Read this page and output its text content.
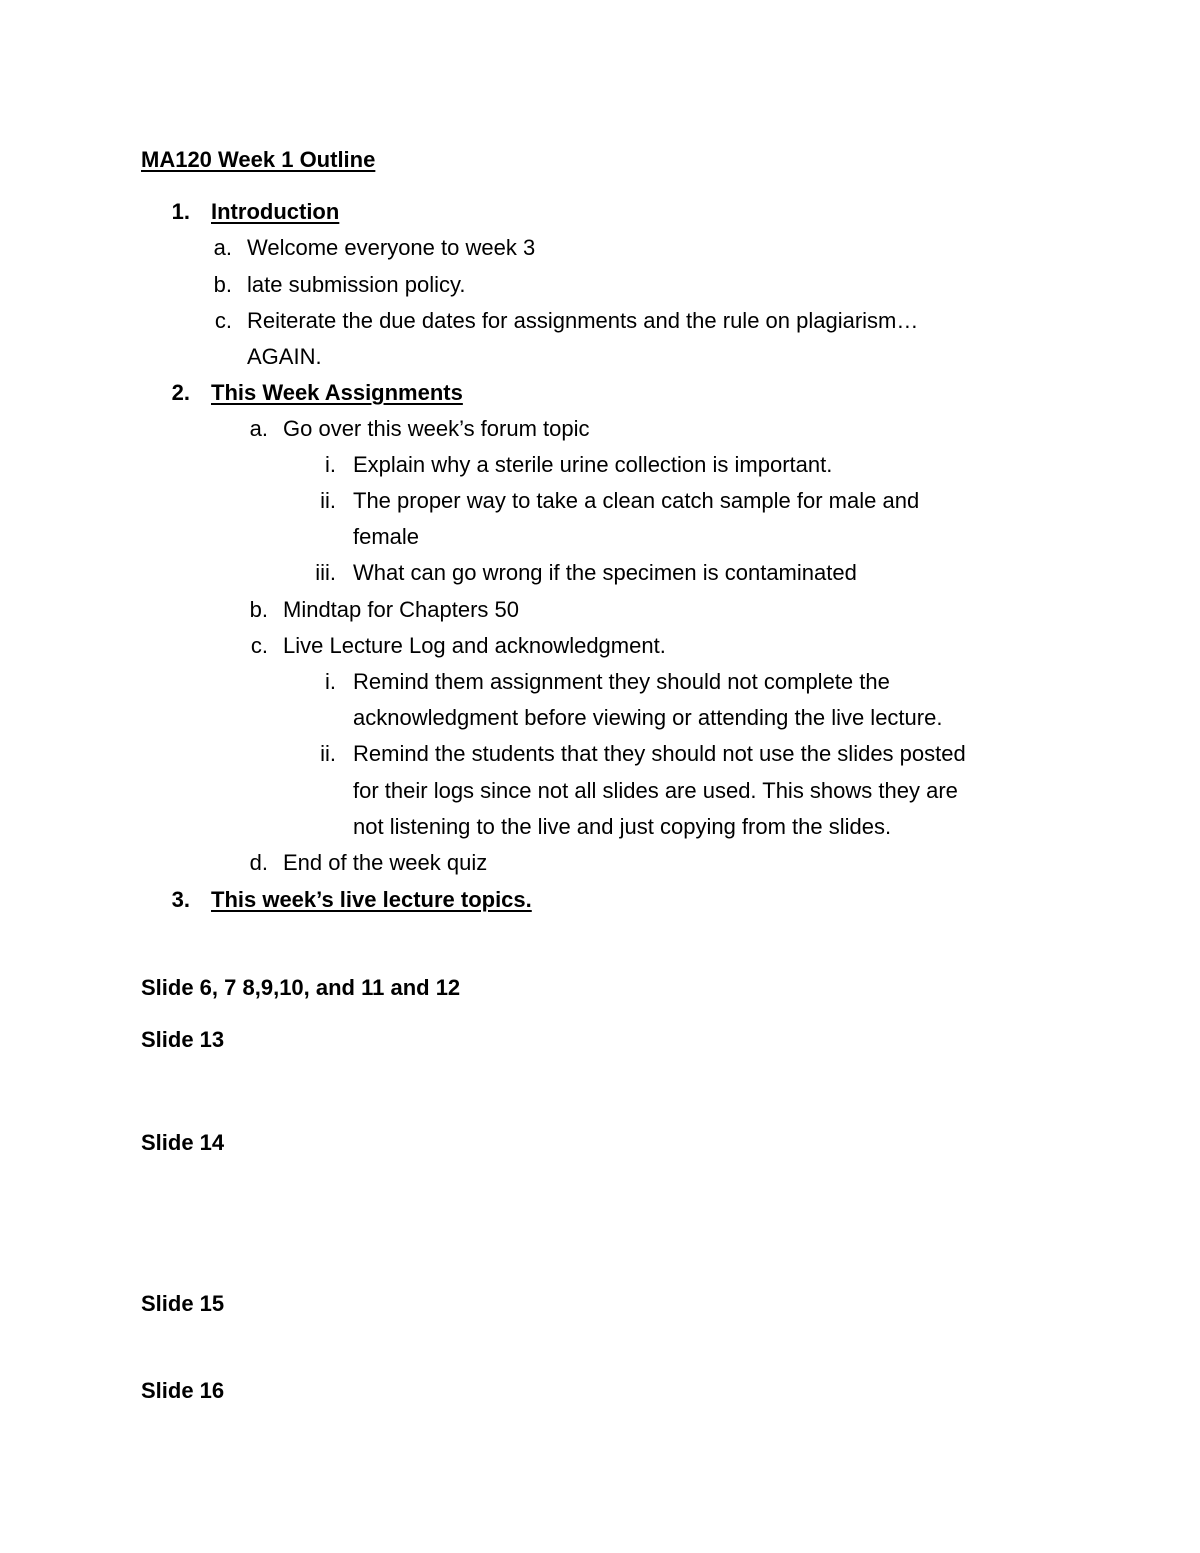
MA120 Week 1 Outline
1. Introduction
a. Welcome everyone to week 3
b. late submission policy.
c. Reiterate the due dates for assignments and the rule on plagiarism…
AGAIN.
2. This Week Assignments
a. Go over this week’s forum topic
i. Explain why a sterile urine collection is important.
ii. The proper way to take a clean catch sample for male and
female
iii. What can go wrong if the specimen is contaminated
b. Mindtap for Chapters 50
c. Live Lecture Log and acknowledgment.
i. Remind them assignment they should not complete the
acknowledgment before viewing or attending the live lecture.
ii. Remind the students that they should not use the slides posted
for their logs since not all slides are used. This shows they are
not listening to the live and just copying from the slides.
d. End of the week quiz
3. This week’s live lecture topics.
Slide 6, 7 8,9,10, and 11 and 12
Slide 13
Slide 14
Slide 15
Slide 16
